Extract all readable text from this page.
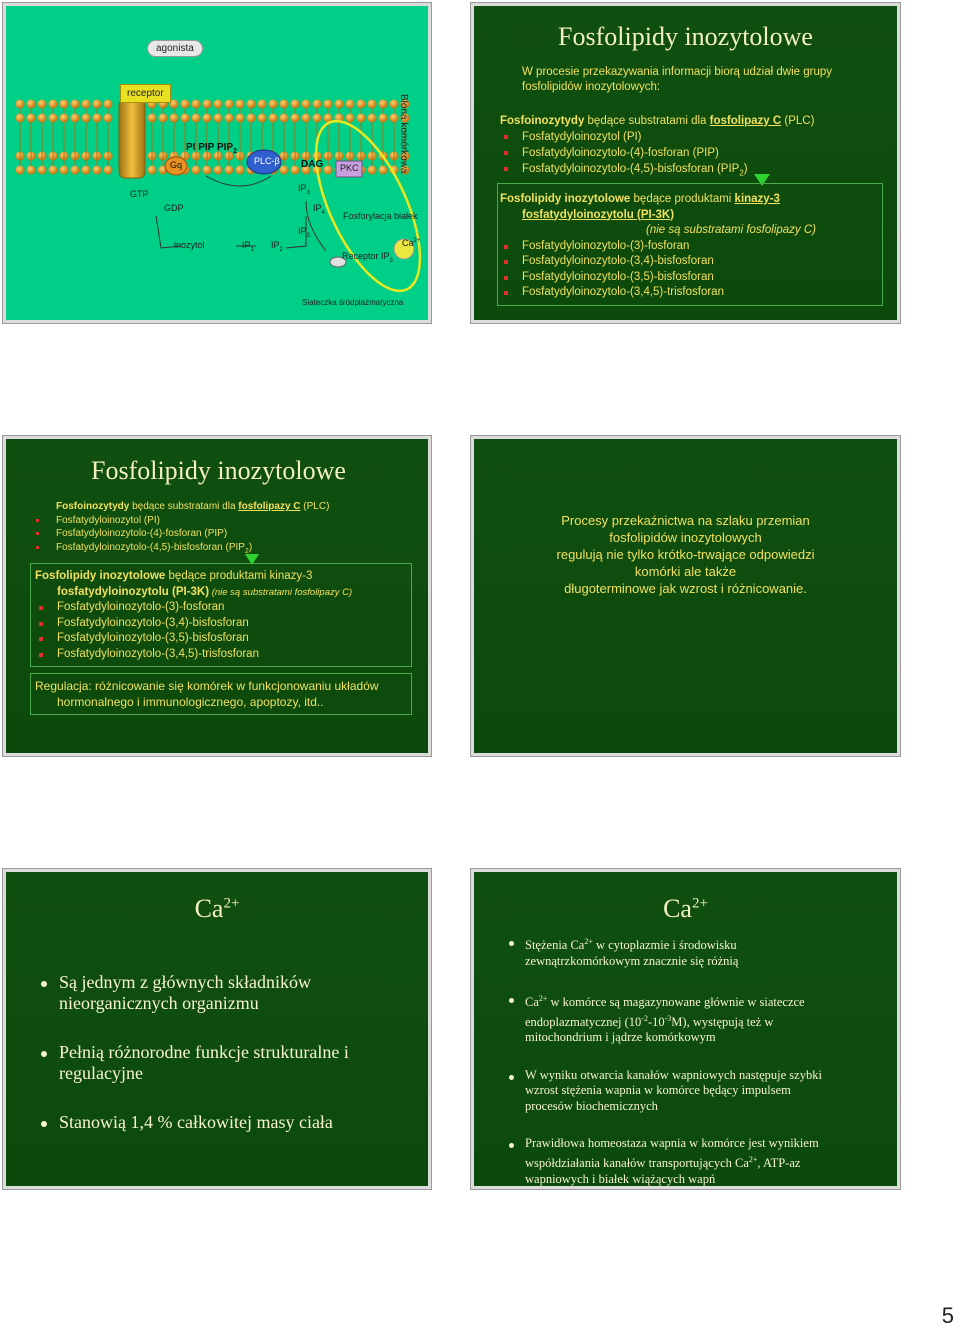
agonista
receptor
Gq
PI PIP $PIP_2$
PLC-β DAG PKC	Błona komórkowa
GTP
GDP
$IP_3$
$IP_4$
$IP_3$
Fosforylacja białek
inozytol	$IP_1$ $IP_2$
Receptor $IP_3$
$Ca^{2+}$
Siateczka śródplazmatyczna
Fosfolipidy inozytolowe
W procesie przekazywania informacji biorą udział dwie grupy
fosfolipidów inozytolowych:
Fosfoinozytydy będące substratami dla fosfolipazy C (PLC)
Fosfatydyloinozytol (PI)
Fosfatydyloinozytolo-(4)-fosforan (PIP)
Fosfatydyloinozytolo-(4,5)-bisfosforan $(PIP_2)$
Fosfolipidy inozytolowe będące produktami kinazy-3
fosfatydyloinozytolu (PI-3K)
(nie są substratami fosfolipazy C)
Fosfatydyloinozytolo-(3)-fosforan
Fosfatydyloinozytolo-(3,4)-bisfosforan
Fosfatydyloinozytolo-(3,5)-bisfosforan
Fosfatydyloinozytolo-(3,4,5)-trisfosforan
Fosfolipidy inozytolowe
Fosfoinozytydy będące substratami dla fosfolipazy C (PLC)
Fosfatydyloinozytol (PI)
Fosfatydyloinozytolo-(4)-fosforan (PIP)
Fosfatydyloinozytolo-(4,5)-bisfosforan $(PIP_2)$
Fosfolipidy inozytolowe będące produktami kinazy-3
fosfatydyloinozytolu (PI-3K) (nie są substratami fosfolipazy C)
Fosfatydyloinozytolo-(3)-fosforan
Fosfatydyloinozytolo-(3,4)-bisfosforan
Fosfatydyloinozytolo-(3,5)-bisfosforan
Fosfatydyloinozytolo-(3,4,5)-trisfosforan
Regulacja: różnicowanie się komórek w funkcjonowaniu układów
hormonalnego i immunologicznego, apoptozy, itd..
Procesy przekaźnictwa na szlaku przemian
fosfolipidów inozytolowych
regulują nie tylko krótko-trwające odpowiedzi
komórki ale także
długoterminowe jak wzrost i różnicowanie.
$Ca^{2+}$
Są jednym z głównych składników
nieorganicznych organizmu
Pełnią różnorodne funkcje strukturalne i
regulacyjne
Stanowią 1,4 % całkowitej masy ciała
$Ca^{2+}$
Stężenia $Ca^{2+}$ w cytoplazmie i środowisku
zewnątrzkomórkowym znacznie się różnią
$Ca^{2+}$ w komórce są magazynowane głównie w siateczce
endoplazmatycznej $(10^{-2}-10^{-3}M)$, występują też w
mitochondrium i jądrze komórkowym
W wyniku otwarcia kanałów wapniowych następuje szybki
wzrost stężenia wapnia w komórce będący impulsem
procesów biochemicznych
Prawidłowa homeostaza wapnia w komórce jest wynikiem
współdziałania kanałów transportujących $Ca^{2+}$, ATP-az
wapniowych i białek wiążących wapń
5
